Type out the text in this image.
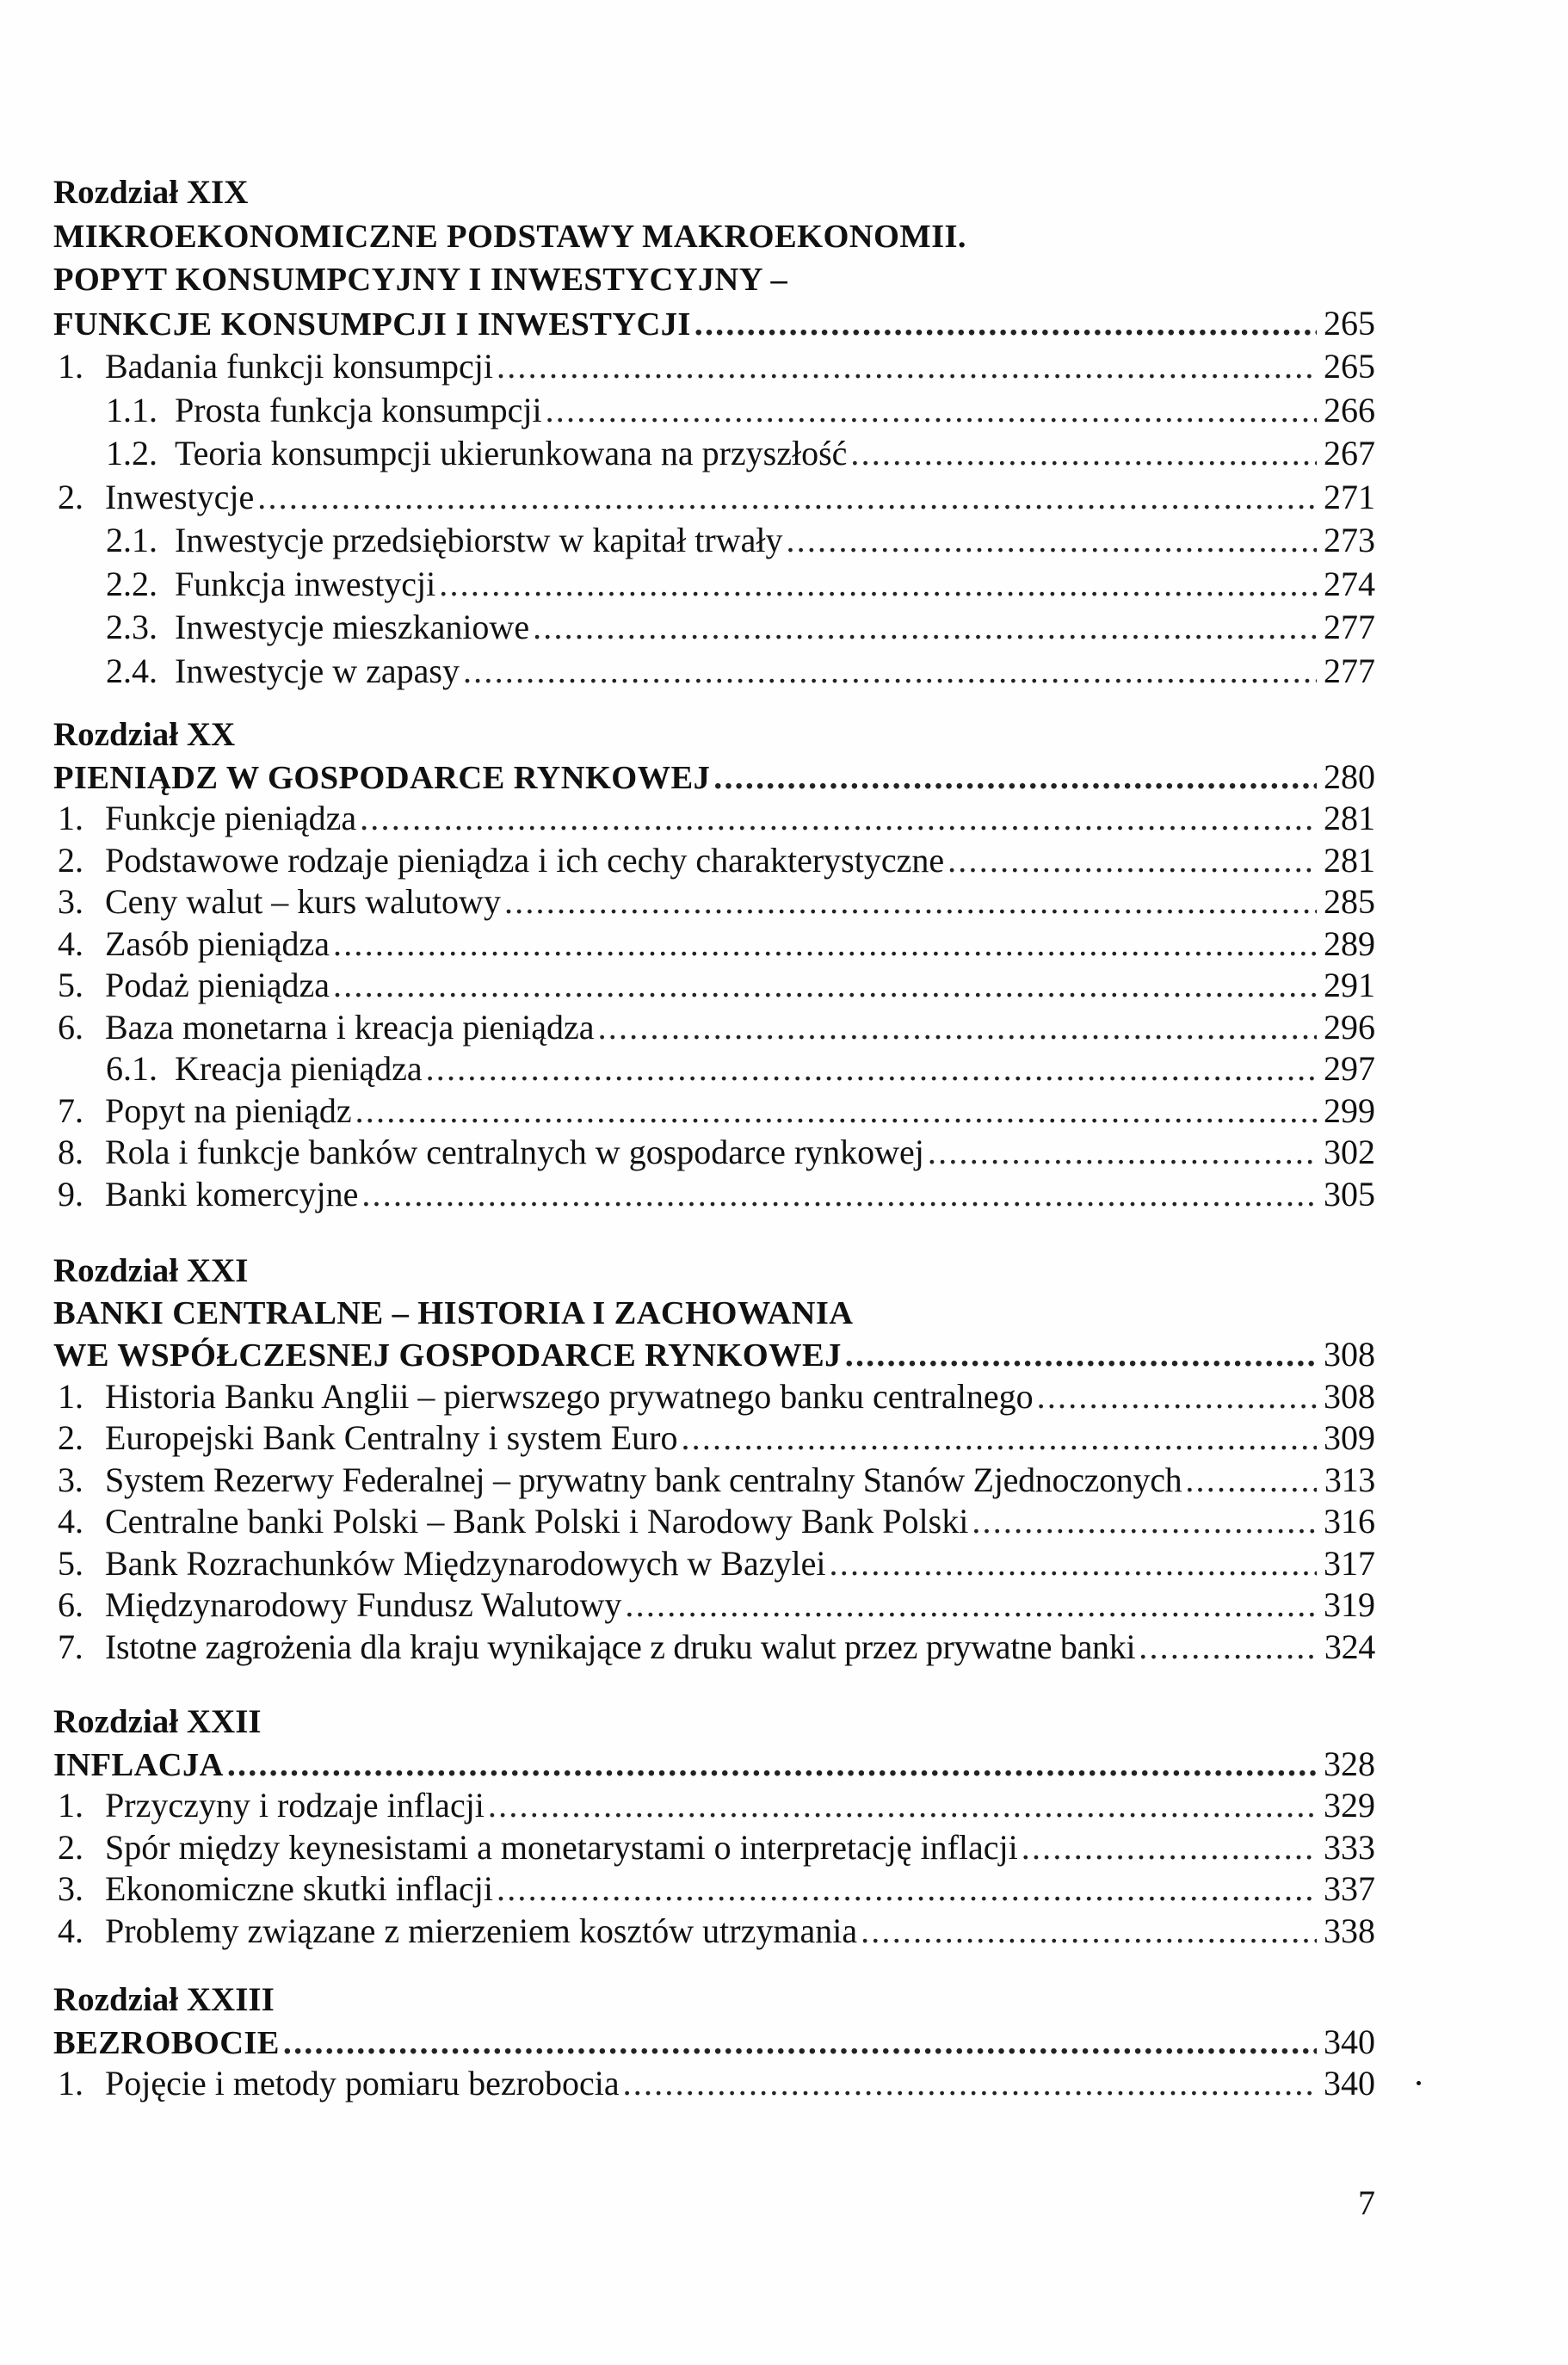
Rozdział XIX
MIKROEKONOMICZNE PODSTAWY MAKROEKONOMII.
POPYT KONSUMPCYJNY I INWESTYCYJNY –
FUNKCJE KONSUMPCJI I INWESTYCJI .....	265
1. Badania funkcji konsumpcji .....	265
1.1. Prosta funkcja konsumpcji .....	266
1.2. Teoria konsumpcji ukierunkowana na przyszłość .....	267
2. Inwestycje .....	271
2.1. Inwestycje przedsiębiorstw w kapitał trwały .....	273
2.2. Funkcja inwestycji .....	274
2.3. Inwestycje mieszkaniowe .....	277
2.4. Inwestycje w zapasy .....	277
Rozdział XX
PIENIĄDZ W GOSPODARCE RYNKOWEJ .....	280
1. Funkcje pieniądza .....	281
2. Podstawowe rodzaje pieniądza i ich cechy charakterystyczne .....	281
3. Ceny walut – kurs walutowy .....	285
4. Zasób pieniądza .....	289
5. Podaż pieniądza .....	291
6. Baza monetarna i kreacja pieniądza .....	296
6.1. Kreacja pieniądza .....	297
7. Popyt na pieniądz .....	299
8. Rola i funkcje banków centralnych w gospodarce rynkowej .....	302
9. Banki komercyjne .....	305
Rozdział XXI
BANKI CENTRALNE – HISTORIA I ZACHOWANIA
WE WSPÓŁCZESNEJ GOSPODARCE RYNKOWEJ .....	308
1. Historia Banku Anglii – pierwszego prywatnego banku centralnego .....	308
2. Europejski Bank Centralny i system Euro .....	309
3. System Rezerwy Federalnej – prywatny bank centralny Stanów Zjednoczonych .....	313
4. Centralne banki Polski – Bank Polski i Narodowy Bank Polski .....	316
5. Bank Rozrachunków Międzynarodowych w Bazylei .....	317
6. Międzynarodowy Fundusz Walutowy .....	319
7. Istotne zagrożenia dla kraju wynikające z druku walut przez prywatne banki .....	324
Rozdział XXII
INFLACJA .....	328
1. Przyczyny i rodzaje inflacji .....	329
2. Spór między keynesistami a monetarystami o interpretację inflacji .....	333
3. Ekonomiczne skutki inflacji .....	337
4. Problemy związane z mierzeniem kosztów utrzymania .....	338
Rozdział XXIII
BEZROBOCIE .....	340
1. Pojęcie i metody pomiaru bezrobocia .....	340
7
